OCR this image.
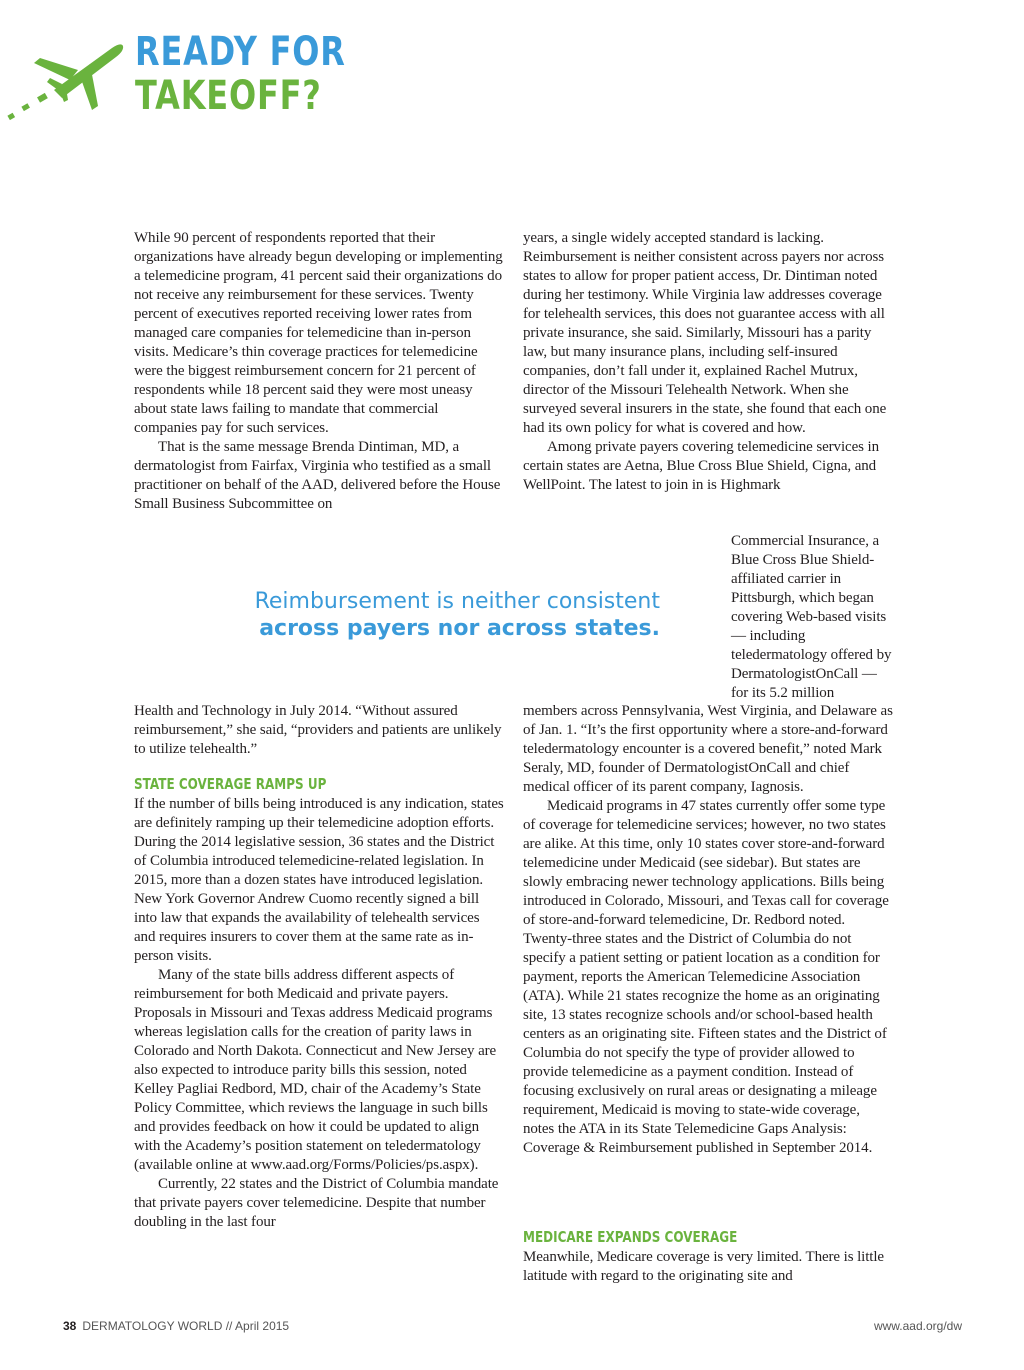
READY FOR
TAKEOFF?

While 90 percent of respondents reported that their organizations have already begun developing or implementing a telemedicine program, 41 percent said their organizations do not receive any reimbursement for these services. Twenty percent of executives reported receiving lower rates from managed care companies for telemedicine than in-person visits. Medicare’s thin coverage practices for telemedicine were the biggest reimbursement concern for 21 percent of respondents while 18 percent said they were most uneasy about state laws failing to mandate that commercial companies pay for such services.

That is the same message Brenda Dintiman, MD, a dermatologist from Fairfax, Virginia who testified as a small practitioner on behalf of the AAD, delivered before the House Small Business Subcommittee on

years, a single widely accepted standard is lacking. Reimbursement is neither consistent across payers nor across states to allow for proper patient access, Dr. Dintiman noted during her testimony. While Virginia law addresses coverage for telehealth services, this does not guarantee access with all private insurance, she said. Similarly, Missouri has a parity law, but many insurance plans, including self-insured companies, don’t fall under it, explained Rachel Mutrux, director of the Missouri Telehealth Network. When she surveyed several insurers in the state, she found that each one had its own policy for what is covered and how.

Among private payers covering telemedicine services in certain states are Aetna, Blue Cross Blue Shield, Cigna, and WellPoint. The latest to join in is Highmark

Commercial Insurance, a Blue Cross Blue Shield-affiliated carrier in Pittsburgh, which began covering Web-based visits — including teledermatology offered by DermatologistOnCall — for its 5.2 million

Reimbursement is neither consistent
across payers nor across states.

Health and Technology in July 2014. “Without assured reimbursement,” she said, “providers and patients are unlikely to utilize telehealth.”

STATE COVERAGE RAMPS UP

If the number of bills being introduced is any indication, states are definitely ramping up their telemedicine adoption efforts. During the 2014 legislative session, 36 states and the District of Columbia introduced telemedicine-related legislation. In 2015, more than a dozen states have introduced legislation. New York Governor Andrew Cuomo recently signed a bill into law that expands the availability of telehealth services and requires insurers to cover them at the same rate as in-person visits.

Many of the state bills address different aspects of reimbursement for both Medicaid and private payers. Proposals in Missouri and Texas address Medicaid programs whereas legislation calls for the creation of parity laws in Colorado and North Dakota. Connecticut and New Jersey are also expected to introduce parity bills this session, noted Kelley Pagliai Redbord, MD, chair of the Academy’s State Policy Committee, which reviews the language in such bills and provides feedback on how it could be updated to align with the Academy’s position statement on teledermatology (available online at www.aad.org/Forms/Policies/ps.aspx).

Currently, 22 states and the District of Columbia mandate that private payers cover telemedicine. Despite that number doubling in the last four

members across Pennsylvania, West Virginia, and Delaware as of Jan. 1. “It’s the first opportunity where a store-and-forward teledermatology encounter is a covered benefit,” noted Mark Seraly, MD, founder of DermatologistOnCall and chief medical officer of its parent company, Iagnosis.

Medicaid programs in 47 states currently offer some type of coverage for telemedicine services; however, no two states are alike. At this time, only 10 states cover store-and-forward telemedicine under Medicaid (see sidebar). But states are slowly embracing newer technology applications. Bills being introduced in Colorado, Missouri, and Texas call for coverage of store-and-forward telemedicine, Dr. Redbord noted. Twenty-three states and the District of Columbia do not specify a patient setting or patient location as a condition for payment, reports the American Telemedicine Association (ATA). While 21 states recognize the home as an originating site, 13 states recognize schools and/or school-based health centers as an originating site. Fifteen states and the District of Columbia do not specify the type of provider allowed to provide telemedicine as a payment condition. Instead of focusing exclusively on rural areas or designating a mileage requirement, Medicaid is moving to state-wide coverage, notes the ATA in its State Telemedicine Gaps Analysis: Coverage & Reimbursement published in September 2014.

MEDICARE EXPANDS COVERAGE

Meanwhile, Medicare coverage is very limited. There is little latitude with regard to the originating site and

38 DERMATOLOGY WORLD // April 2015	www.aad.org/dw
